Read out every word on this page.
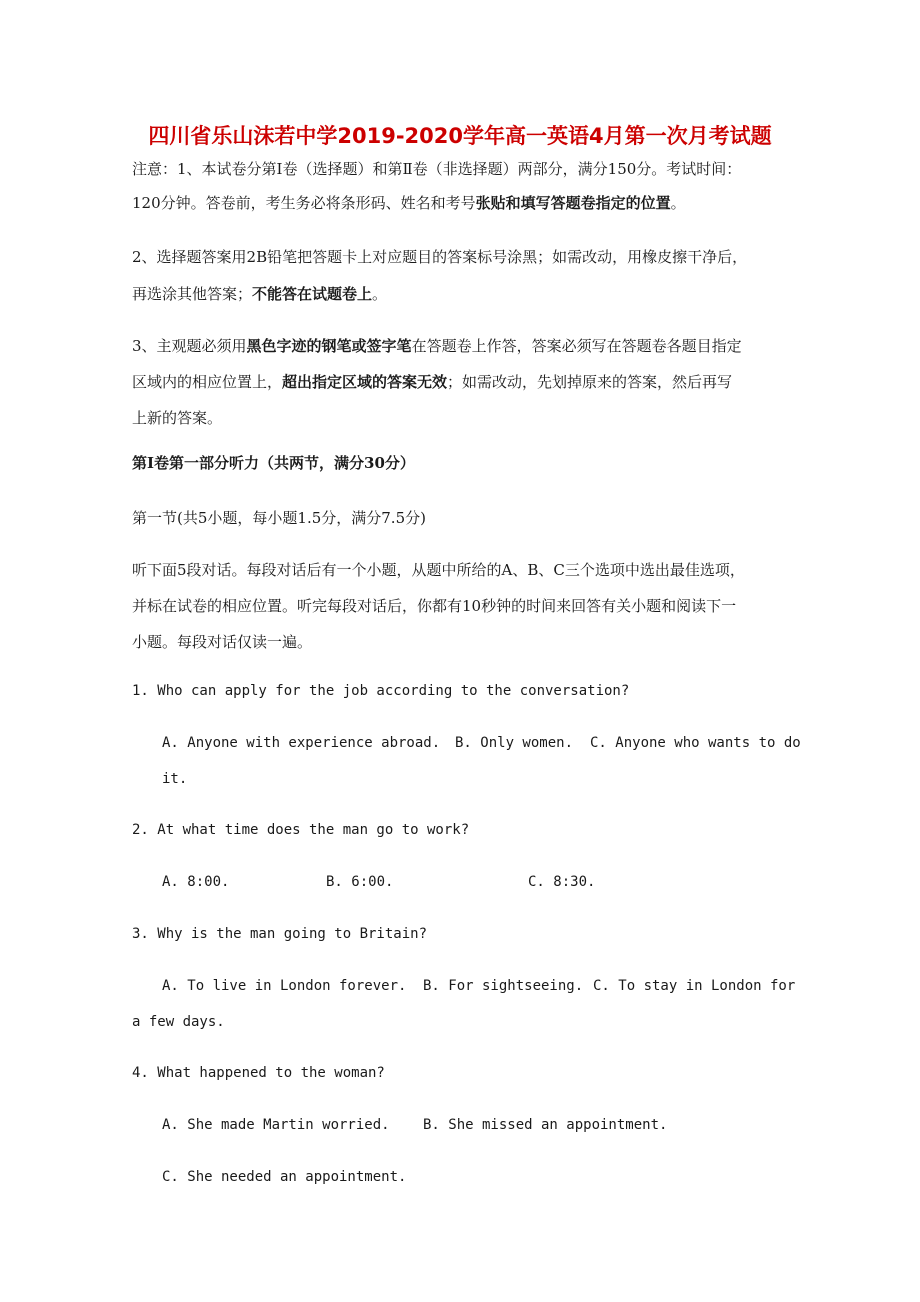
四川省乐山沫若中学2019-2020学年高一英语4月第一次月考试题
注意：1、本试卷分第Ⅰ卷（选择题）和第Ⅱ卷（非选择题）两部分，满分150分。考试时间：
120分钟。答卷前，考生务必将条形码、姓名和考号张贴和填写答题卷指定的位置。
2、选择题答案用2B铅笔把答题卡上对应题目的答案标号涂黑；如需改动，用橡皮擦干净后，
再选涂其他答案；不能答在试题卷上。
3、主观题必须用黑色字迹的钢笔或签字笔在答题卷上作答，答案必须写在答题卷各题目指定
区域内的相应位置上，超出指定区域的答案无效；如需改动，先划掉原来的答案，然后再写
上新的答案。
第Ⅰ卷第一部分听力（共两节，满分30分）
第一节(共5小题，每小题1.5分，满分7.5分)
听下面5段对话。每段对话后有一个小题，从题中所给的A、B、C三个选项中选出最佳选项，
并标在试卷的相应位置。听完每段对话后，你都有10秒钟的时间来回答有关小题和阅读下一
小题。每段对话仅读一遍。
1. Who can apply for the job according to the conversation?
A. Anyone with experience abroad. B. Only women. C. Anyone who wants to do
it.
2. At what time does the man go to work?
A. 8:00.	B. 6:00.	C. 8:30.
3. Why is the man going to Britain?
A. To live in London forever. B. For sightseeing. C. To stay in London for
a few days.
4. What happened to the woman?
A. She made Martin worried. B. She missed an appointment.
C. She needed an appointment.
